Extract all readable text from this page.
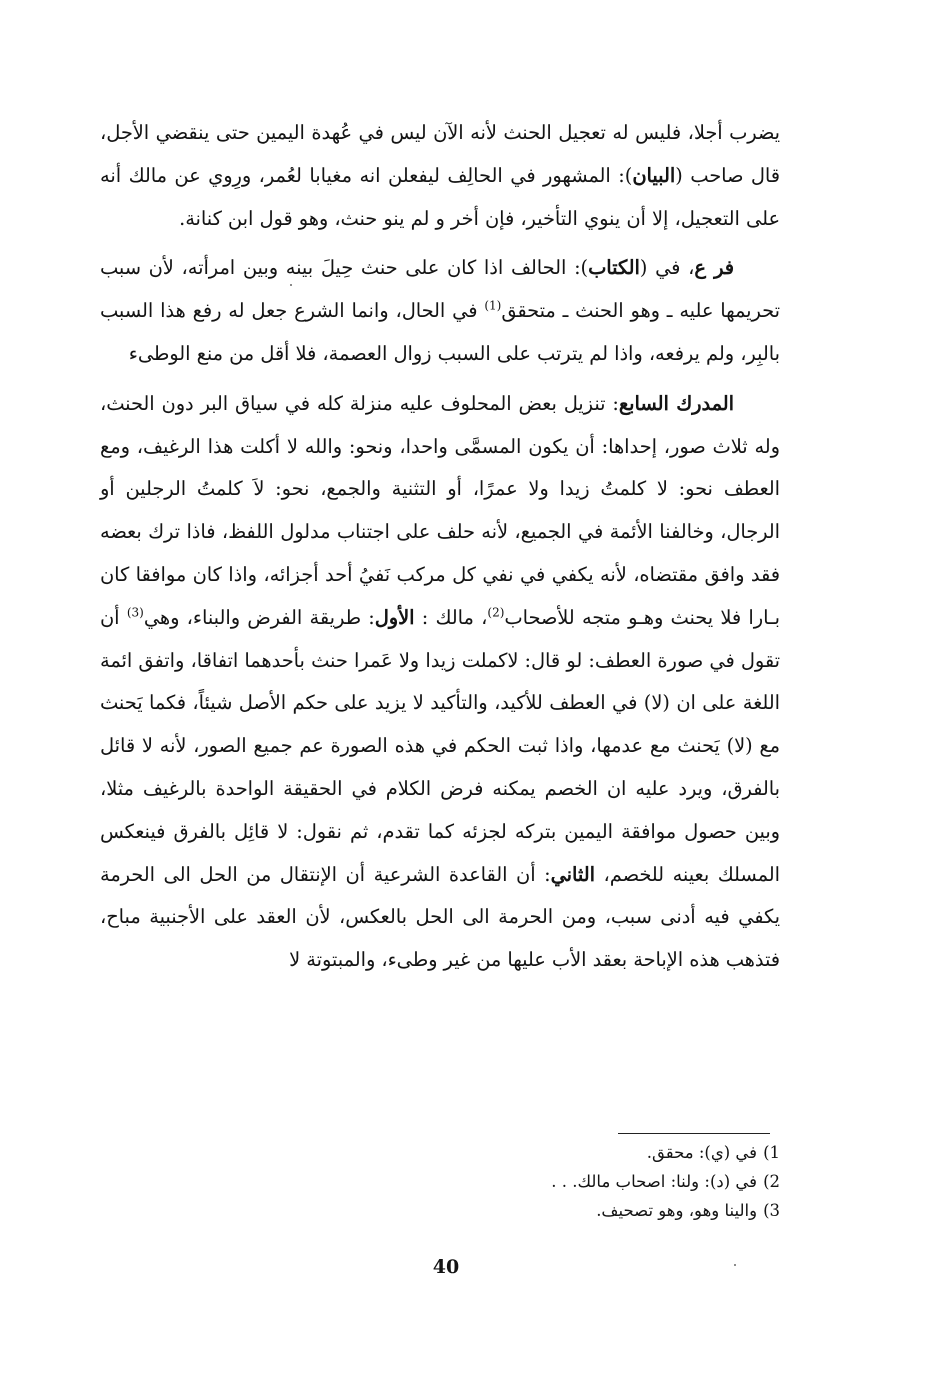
يضرب أجلا، فليس له تعجيل الحنث لأنه الآن ليس في عُهدة اليمين حتى ينقضي الأجل، قال صاحب (البيان): المشهور في الحالِف ليفعلن انه مغيابا لعُمر، ورِوي عن مالك أنه على التعجيل، إلا أن ينوي التأخير، فإن أخر و لم ينو حنث، وهو قول ابن كنانة.

فر ع، في (الكتاب): الحالف اذا كان على حنث حِيلَ بينه وبين امرأته، لأن سبب تحريمها عليه ـ وهو الحنث ـ متحقق$^{(1)}$ في الحال، وانما الشرع جعل له رفع هذا السبب بالبِر، ولم يرفعه، واذا لم يترتب على السبب زوال العصمة، فلا أقل من منع الوطىء

المدرك السابع: تنزيل بعض المحلوف عليه منزلة كله في سياق البر دون الحنث، وله ثلاث صور، إحداها: أن يكون المسمَّى واحدا، ونحو: والله لا أكلت هذا الرغيف، ومع العطف نحو: لا كلمتُ زيدا ولا عمرًا، أو التثنية والجمع، نحو: لاَ كلمتُ الرجلين أو الرجال، وخالفنا الأئمة في الجميع، لأنه حلف على اجتناب مدلول اللفظ، فاذا ترك بعضه فقد وافق مقتضاه، لأنه يكفي في نفي كل مركب نَفيُ أحد أجزائه، واذا كان موافقا كان بـارا فلا يحنث وهـو متجه للأصحاب$^{(2)}$، مالك : الأول: طريقة الفرض والبناء، وهي$^{(3)}$ أن تقول في صورة العطف: لو قال: لاكملت زيدا ولا عَمرا حنث بأحدهما اتفاقا، واتفق ائمة اللغة على ان (لا) في العطف للأكيد، والتأكيد لا يزيد على حكم الأصل شيئاً، فكما يَحنث مع (لا) يَحنث مع عدمها، واذا ثبت الحكم في هذه الصورة عم جميع الصور، لأنه لا قائل بالفرق، ويرد عليه ان الخصم يمكنه فرض الكلام في الحقيقة الواحدة بالرغيف مثلا، وبين حصول موافقة اليمين بتركه لجزئه كما تقدم، ثم نقول: لا قائِل بالفرق فينعكس المسلك بعينه للخصم، الثاني: أن القاعدة الشرعية أن الإنتقال من الحل الى الحرمة يكفي فيه أدنى سبب، ومن الحرمة الى الحل بالعكس، لأن العقد على الأجنبية مباح، فتذهب هذه الإباحة بعقد الأب عليها من غير وطىء، والمبتوتة لا

1)في (ي): محقق.

2)في (د): ولنا: اصحاب مالك. . .

3)والينا وهو، وهو تصحيف.

40
